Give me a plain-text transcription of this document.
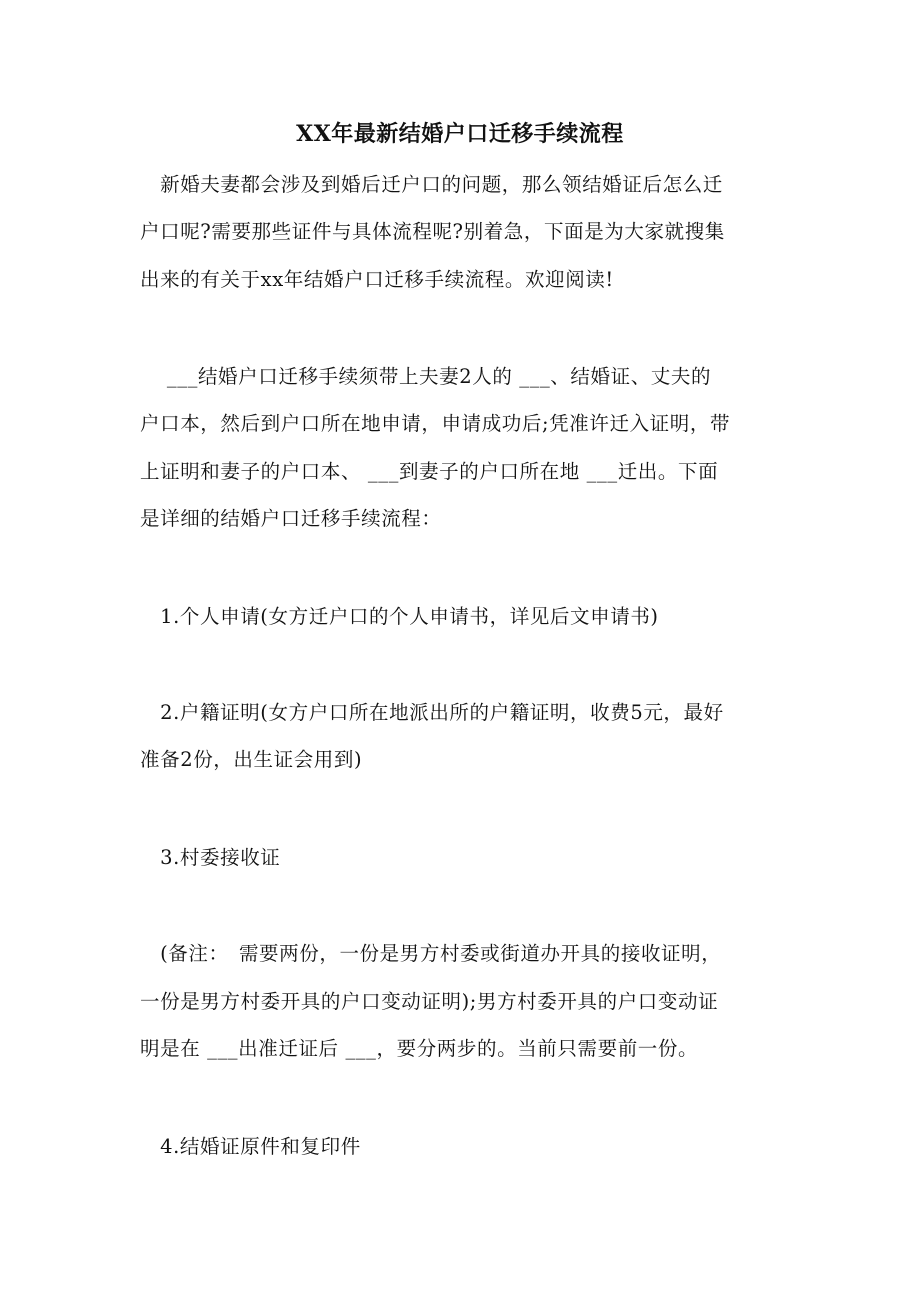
XX年最新结婚户口迁移手续流程
　新婚夫妻都会涉及到婚后迁户口的问题，那么领结婚证后怎么迁
户口呢?需要那些证件与具体流程呢?别着急，下面是为大家就搜集
出来的有关于xx年结婚户口迁移手续流程。欢迎阅读!
　 ___结婚户口迁移手续须带上夫妻2人的 ___、结婚证、丈夫的
户口本，然后到户口所在地申请，申请成功后;凭准许迁入证明，带
上证明和妻子的户口本、 ___到妻子的户口所在地 ___迁出。下面
是详细的结婚户口迁移手续流程：
　1.个人申请(女方迁户口的个人申请书，详见后文申请书)
　2.户籍证明(女方户口所在地派出所的户籍证明，收费5元，最好
准备2份，出生证会用到)
　3.村委接收证
　(备注：　需要两份，一份是男方村委或街道办开具的接收证明，
一份是男方村委开具的户口变动证明);男方村委开具的户口变动证
明是在 ___出准迁证后 ___，要分两步的。当前只需要前一份。
　4.结婚证原件和复印件
